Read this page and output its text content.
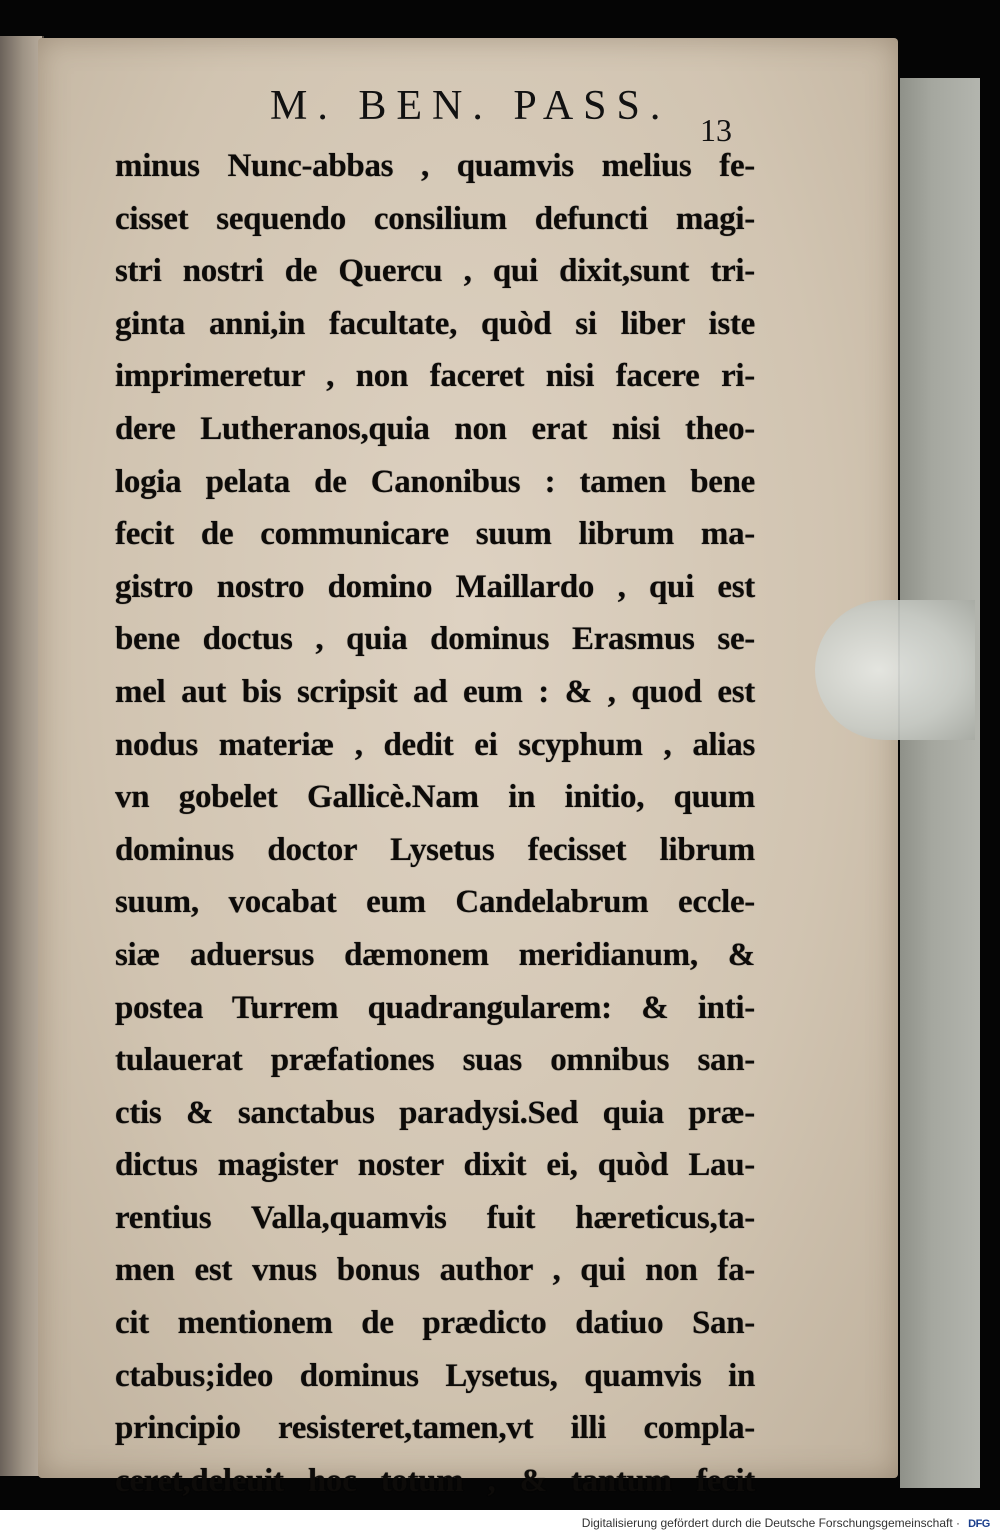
M. BEN. PASS.
13
minus Nunc-abbas , quamvis melius fe-
cisset sequendo consilium defuncti magi-
stri nostri de Quercu , qui dixit,sunt tri-
ginta anni,in facultate, quòd si liber iste
imprimeretur , non faceret nisi facere ri-
dere Lutheranos,quia non erat nisi theo-
logia pelata de Canonibus : tamen bene
fecit de communicare suum librum ma-
gistro nostro domino Maillardo , qui est
bene doctus , quia dominus Erasmus se-
mel aut bis scripsit ad eum : & , quod est
nodus materiæ , dedit ei scyphum , alias
vn gobelet Gallicè.Nam in initio, quum
dominus doctor Lysetus fecisset librum
suum, vocabat eum Candelabrum eccle-
siæ aduersus dæmonem meridianum, &
postea Turrem quadrangularem: & inti-
tulauerat præfationes suas omnibus san-
ctis & sanctabus paradysi.Sed quia præ-
dictus magister noster dixit ei, quòd Lau-
rentius Valla,quamvis fuit hæreticus,ta-
men est vnus bonus author , qui non fa-
cit mentionem de prædicto datiuo San-
ctabus;ideo dominus Lysetus, quamvis in
principio resisteret,tamen,vt illi compla-
ceret,deleuit hoc totum , & tantum fecit
Digitalisierung gefördert durch die Deutsche Forschungsgemeinschaft · DFG
